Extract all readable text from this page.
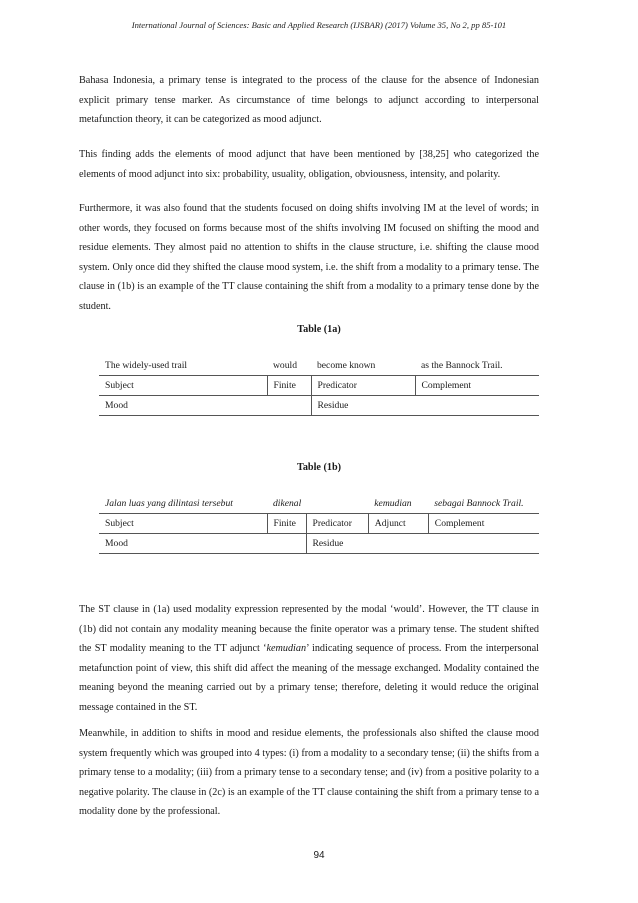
International Journal of Sciences: Basic and Applied Research (IJSBAR) (2017) Volume 35, No 2, pp 85-101

Bahasa Indonesia, a primary tense is integrated to the process of the clause for the absence of Indonesian explicit primary tense marker. As circumstance of time belongs to adjunct according to interpersonal metafunction theory, it can be categorized as mood adjunct.

This finding adds the elements of mood adjunct that have been mentioned by [38,25] who categorized the elements of mood adjunct into six: probability, usuality, obligation, obviousness, intensity, and polarity.

Furthermore, it was also found that the students focused on doing shifts involving IM at the level of words; in other words, they focused on forms because most of the shifts involving IM focused on shifting the mood and residue elements. They almost paid no attention to shifts in the clause structure, i.e. shifting the clause mood system. Only once did they shifted the clause mood system, i.e. the shift from a modality to a primary tense. The clause in (1b) is an example of the TT clause containing the shift from a modality to a primary tense done by the student.

Table (1a)
The widely-used trail	would	become known	as the Bannock Trail.
Subject	Finite	Predicator	Complement
Mood		Residue	
Table (1b)
Jalan luas yang dilintasi tersebut	dikenal		kemudian	sebagai Bannock Trail.
Subject	Finite	Predicator	Adjunct	Complement
Mood		Residue		

The ST clause in (1a) used modality expression represented by the modal ‘would’. However, the TT clause in (1b) did not contain any modality meaning because the finite operator was a primary tense. The student shifted the ST modality meaning to the TT adjunct ‘kemudian’ indicating sequence of process. From the interpersonal metafunction point of view, this shift did affect the meaning of the message exchanged. Modality contained the meaning beyond the meaning carried out by a primary tense; therefore, deleting it would reduce the original message contained in the ST.

Meanwhile, in addition to shifts in mood and residue elements, the professionals also shifted the clause mood system frequently which was grouped into 4 types: (i) from a modality to a secondary tense; (ii) the shifts from a primary tense to a modality; (iii) from a primary tense to a secondary tense; and (iv) from a positive polarity to a negative polarity. The clause in (2c) is an example of the TT clause containing the shift from a primary tense to a modality done by the professional.

94
